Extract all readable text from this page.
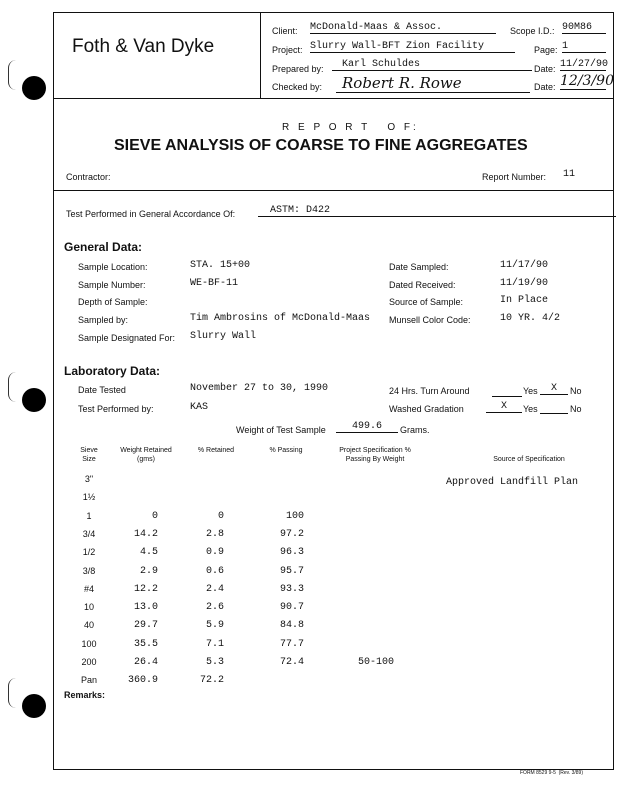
Foth & Van Dyke
Client: McDonald-Maas & Assoc.	Scope I.D.: 90M86
Project: Slurry Wall-BFT Zion Facility	Page: 1
Prepared by:	Karl Schuldes	Date: 11/27/90
Checked by:	Robert R. Rowe	Date: 12/3/90
R E P O R T   O F:
SIEVE ANALYSIS OF COARSE TO FINE AGGREGATES
Contractor:	Report Number: 11
Test Performed in General Accordance Of:	ASTM: D422
General Data:
Sample Location:	STA. 15+00
Sample Number:	WE-BF-11
Depth of Sample:
Sampled by:	Tim Ambrosins of McDonald-Maas
Sample Designated For: Slurry Wall
Date Sampled:	11/17/90
Dated Received:	11/19/90
Source of Sample:	In Place
Munsell Color Code:	10 YR. 4/2
Laboratory Data:
Date Tested	November 27 to 30, 1990
Test Performed by:	KAS
24 Hrs. Turn Around	Yes	X	No
Washed Gradation	X	Yes	No
Weight of Test Sample	499.6	Grams.
Sieve Size
Weight Retained (gms)
% Retained	% Passing	Project Specification % Passing By Weight	Source of Specification
Approved Landfill Plan
3"
1½
1	0	0	100
3/4	14.2	2.8	97.2
1/2	4.5	0.9	96.3
3/8	2.9	0.6	95.7
#4	12.2	2.4	93.3
10	13.0	2.6	90.7
40	29.7	5.9	84.8
100	35.5	7.1	77.7
200	26.4	5.3	72.4	50-100
Pan	360.9	72.2
Remarks:
FORM 8529 9-5  (Rev. 3/89)
